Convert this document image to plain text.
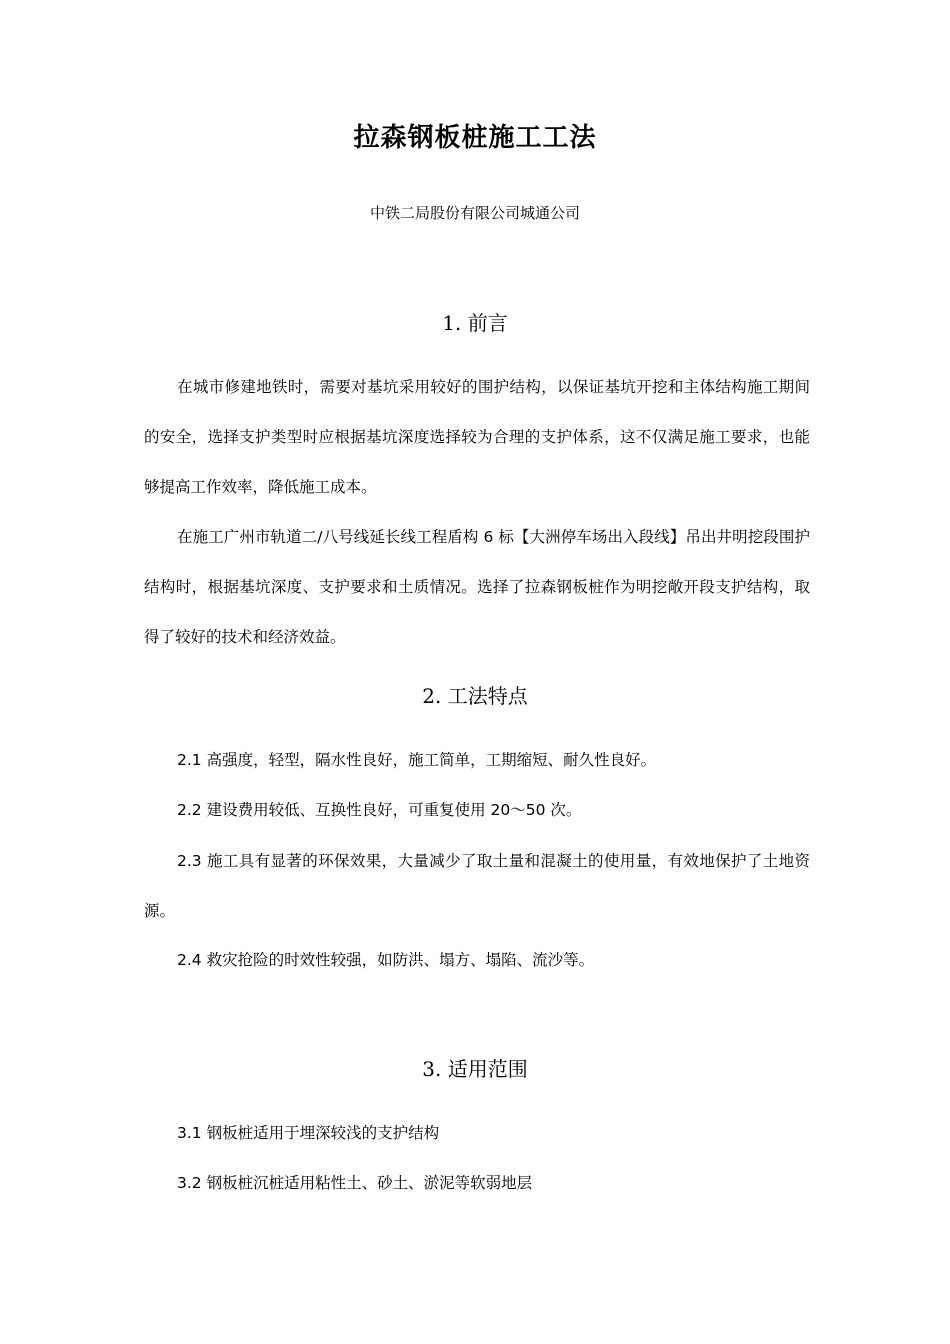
拉森钢板桩施工工法
中铁二局股份有限公司城通公司
1. 前言
在城市修建地铁时，需要对基坑采用较好的围护结构，以保证基坑开挖和主体结构施工期间的安全，选择支护类型时应根据基坑深度选择较为合理的支护体系，这不仅满足施工要求，也能够提高工作效率，降低施工成本。
在施工广州市轨道二/八号线延长线工程盾构 6 标【大洲停车场出入段线】吊出井明挖段围护结构时，根据基坑深度、支护要求和土质情况。选择了拉森钢板桩作为明挖敞开段支护结构，取得了较好的技术和经济效益。
2. 工法特点
2.1 高强度，轻型，隔水性良好，施工简单，工期缩短、耐久性良好。
2.2 建设费用较低、互换性良好，可重复使用 20～50 次。
2.3 施工具有显著的环保效果，大量减少了取土量和混凝土的使用量，有效地保护了土地资源。
2.4 救灾抢险的时效性较强，如防洪、塌方、塌陷、流沙等。
3. 适用范围
3.1 钢板桩适用于埋深较浅的支护结构
3.2 钢板桩沉桩适用粘性土、砂土、淤泥等软弱地层
